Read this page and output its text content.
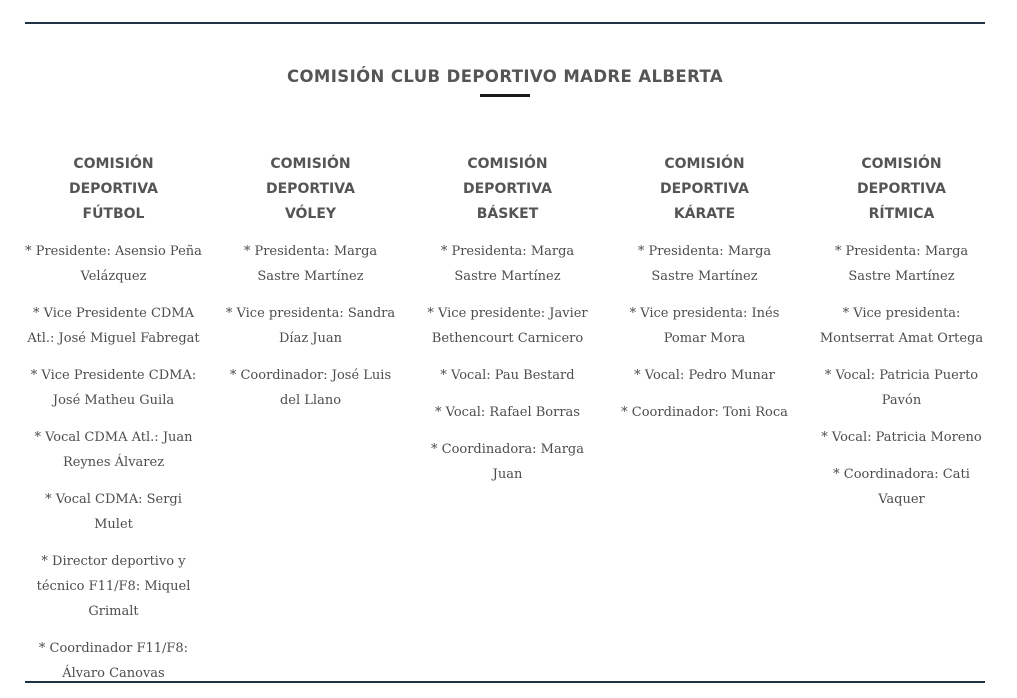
COMISIÓN CLUB DEPORTIVO MADRE ALBERTA
COMISIÓN DEPORTIVA
FÚTBOL

* Presidente: Asensio Peña Velázquez

* Vice Presidente CDMA Atl.: José Miguel Fabregat

* Vice Presidente CDMA: José Matheu Guila

* Vocal CDMA Atl.: Juan Reynes Álvarez

* Vocal CDMA: Sergi Mulet

* Director deportivo y técnico F11/F8: Miquel Grimalt

* Coordinador F11/F8: Álvaro Canovas

COMISIÓN DEPORTIVA
VÓLEY

* Presidenta: Marga Sastre Martínez

* Vice presidenta: Sandra Díaz Juan

* Coordinador: José Luis del Llano

COMISIÓN DEPORTIVA
BÁSKET

* Presidenta: Marga Sastre Martínez

* Vice presidente: Javier Bethencourt Carnicero

* Vocal: Pau Bestard

* Vocal: Rafael Borras

* Coordinadora: Marga Juan

COMISIÓN DEPORTIVA
KÁRATE

* Presidenta: Marga Sastre Martínez

* Vice presidenta: Inés Pomar Mora

* Vocal: Pedro Munar

* Coordinador: Toni Roca

COMISIÓN DEPORTIVA
RÍTMICA

* Presidenta: Marga Sastre Martínez

* Vice presidenta: Montserrat Amat Ortega

* Vocal: Patricia Puerto Pavón

* Vocal: Patricia Moreno

* Coordinadora: Cati Vaquer
